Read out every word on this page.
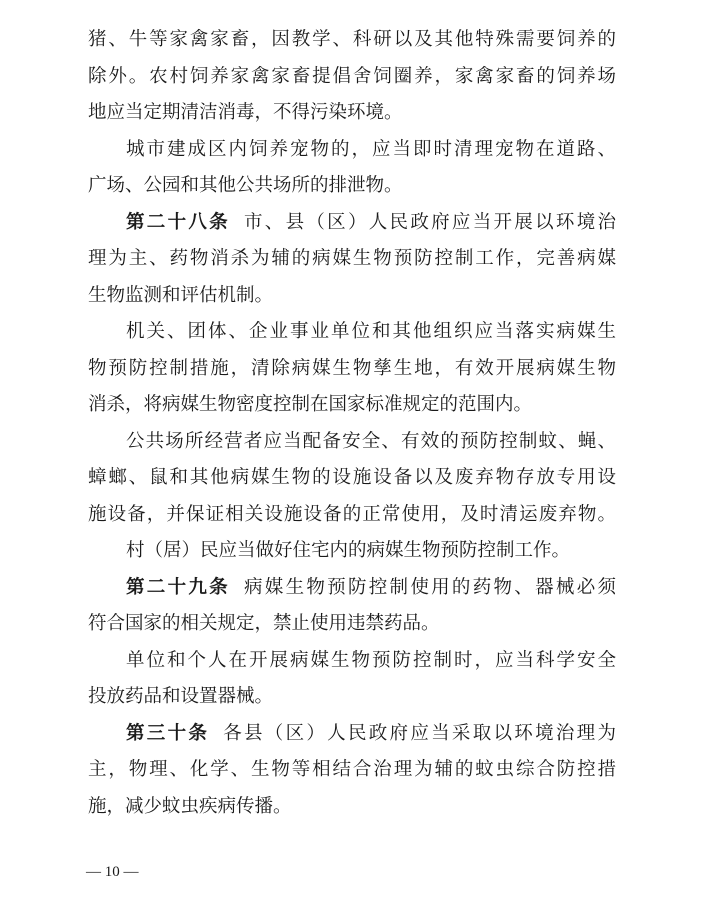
猪、牛等家禽家畜，因教学、科研以及其他特殊需要饲养的
除外。农村饲养家禽家畜提倡舍饲圈养，家禽家畜的饲养场
地应当定期清洁消毒，不得污染环境。
城市建成区内饲养宠物的，应当即时清理宠物在道路、
广场、公园和其他公共场所的排泄物。
第二十八条 市、县（区）人民政府应当开展以环境治
理为主、药物消杀为辅的病媒生物预防控制工作，完善病媒
生物监测和评估机制。
机关、团体、企业事业单位和其他组织应当落实病媒生
物预防控制措施，清除病媒生物孳生地，有效开展病媒生物
消杀，将病媒生物密度控制在国家标准规定的范围内。
公共场所经营者应当配备安全、有效的预防控制蚊、蝇、
蟑螂、鼠和其他病媒生物的设施设备以及废弃物存放专用设
施设备，并保证相关设施设备的正常使用，及时清运废弃物。
村（居）民应当做好住宅内的病媒生物预防控制工作。
第二十九条 病媒生物预防控制使用的药物、器械必须
符合国家的相关规定，禁止使用违禁药品。
单位和个人在开展病媒生物预防控制时，应当科学安全
投放药品和设置器械。
第三十条 各县（区）人民政府应当采取以环境治理为
主，物理、化学、生物等相结合治理为辅的蚊虫综合防控措
施，减少蚊虫疾病传播。
— 10 —
